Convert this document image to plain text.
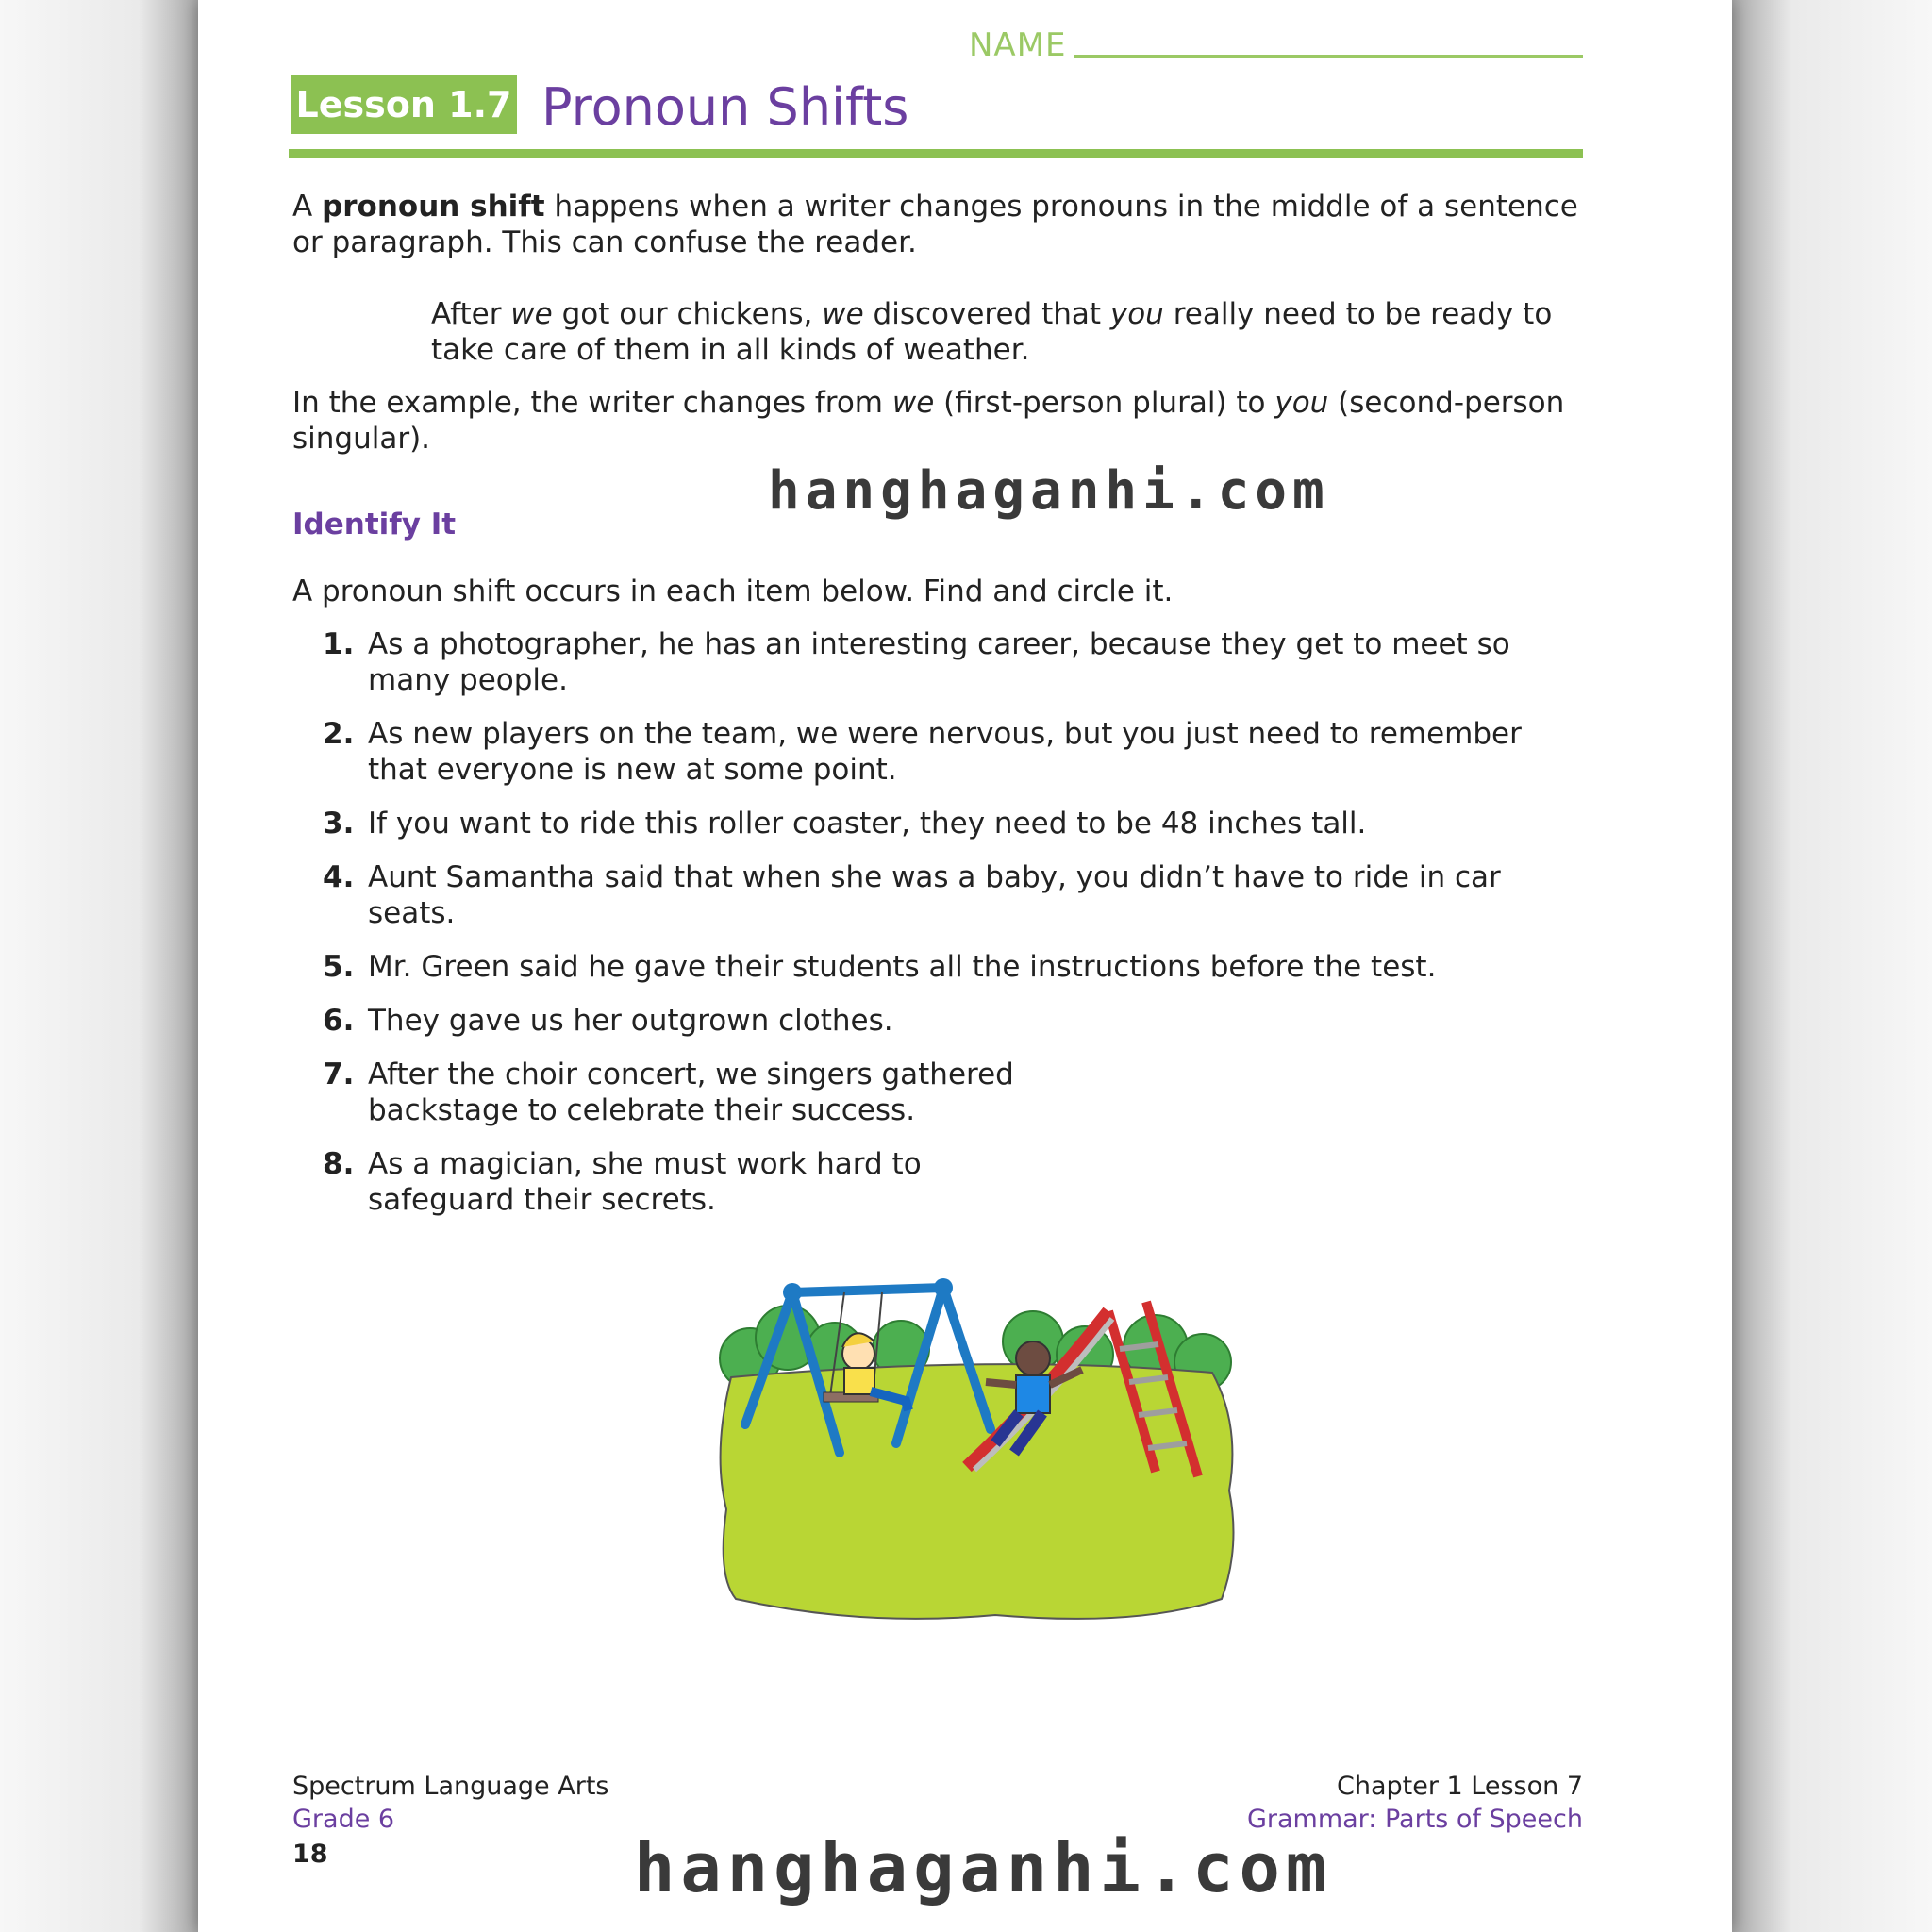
NAME
Lesson 1.7 Pronoun Shifts
A pronoun shift happens when a writer changes pronouns in the middle of a sentence or paragraph. This can confuse the reader.
After we got our chickens, we discovered that you really need to be ready to take care of them in all kinds of weather.
In the example, the writer changes from we (first-person plural) to you (second-person singular).
Identify It
A pronoun shift occurs in each item below. Find and circle it.
1. As a photographer, he has an interesting career, because they get to meet so many people.
2. As new players on the team, we were nervous, but you just need to remember that everyone is new at some point.
3. If you want to ride this roller coaster, they need to be 48 inches tall.
4. Aunt Samantha said that when she was a baby, you didn’t have to ride in car seats.
5. Mr. Green said he gave their students all the instructions before the test.
6. They gave us her outgrown clothes.
7. After the choir concert, we singers gathered backstage to celebrate their success.
8. As a magician, she must work hard to safeguard their secrets.
Spectrum Language Arts
Grade 6
18
Chapter 1 Lesson 7
Grammar: Parts of Speech
hanghaganhi.com
hanghaganhi.com
